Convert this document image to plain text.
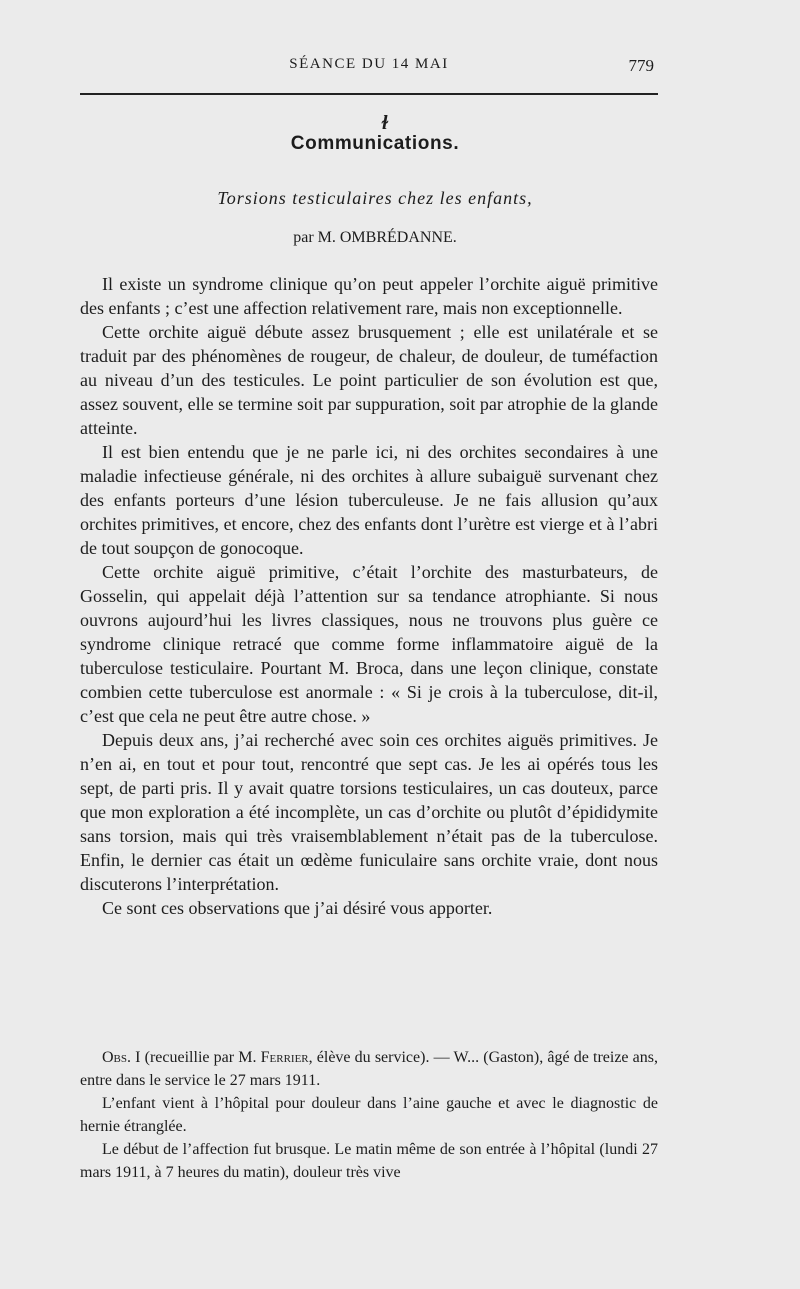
SÉANCE DU 14 MAI	779
ɫ
Communications.
Torsions testiculaires chez les enfants,
par M. OMBRÉDANNE.

Il existe un syndrome clinique qu’on peut appeler l’orchite aiguë primitive des enfants ; c’est une affection relativement rare, mais non exceptionnelle.

Cette orchite aiguë débute assez brusquement ; elle est unilatérale et se traduit par des phénomènes de rougeur, de chaleur, de douleur, de tuméfaction au niveau d’un des testicules. Le point particulier de son évolution est que, assez souvent, elle se termine soit par suppuration, soit par atrophie de la glande atteinte.

Il est bien entendu que je ne parle ici, ni des orchites secondaires à une maladie infectieuse générale, ni des orchites à allure subaiguë survenant chez des enfants porteurs d’une lésion tuberculeuse. Je ne fais allusion qu’aux orchites primitives, et encore, chez des enfants dont l’urètre est vierge et à l’abri de tout soupçon de gonocoque.

Cette orchite aiguë primitive, c’était l’orchite des masturbateurs, de Gosselin, qui appelait déjà l’attention sur sa tendance atrophiante. Si nous ouvrons aujourd’hui les livres classiques, nous ne trouvons plus guère ce syndrome clinique retracé que comme forme inflammatoire aiguë de la tuberculose testiculaire. Pourtant M. Broca, dans une leçon clinique, constate combien cette tuberculose est anormale : « Si je crois à la tuberculose, dit-il, c’est que cela ne peut être autre chose. »

Depuis deux ans, j’ai recherché avec soin ces orchites aiguës primitives. Je n’en ai, en tout et pour tout, rencontré que sept cas. Je les ai opérés tous les sept, de parti pris. Il y avait quatre torsions testiculaires, un cas douteux, parce que mon exploration a été incomplète, un cas d’orchite ou plutôt d’épididymite sans torsion, mais qui très vraisemblablement n’était pas de la tuberculose. Enfin, le dernier cas était un œdème funiculaire sans orchite vraie, dont nous discuterons l’interprétation.

Ce sont ces observations que j’ai désiré vous apporter.

Obs. I (recueillie par M. Ferrier, élève du service). — W... (Gaston), âgé de treize ans, entre dans le service le 27 mars 1911.

L’enfant vient à l’hôpital pour douleur dans l’aine gauche et avec le diagnostic de hernie étranglée.

Le début de l’affection fut brusque. Le matin même de son entrée à l’hôpital (lundi 27 mars 1911, à 7 heures du matin), douleur très vive
